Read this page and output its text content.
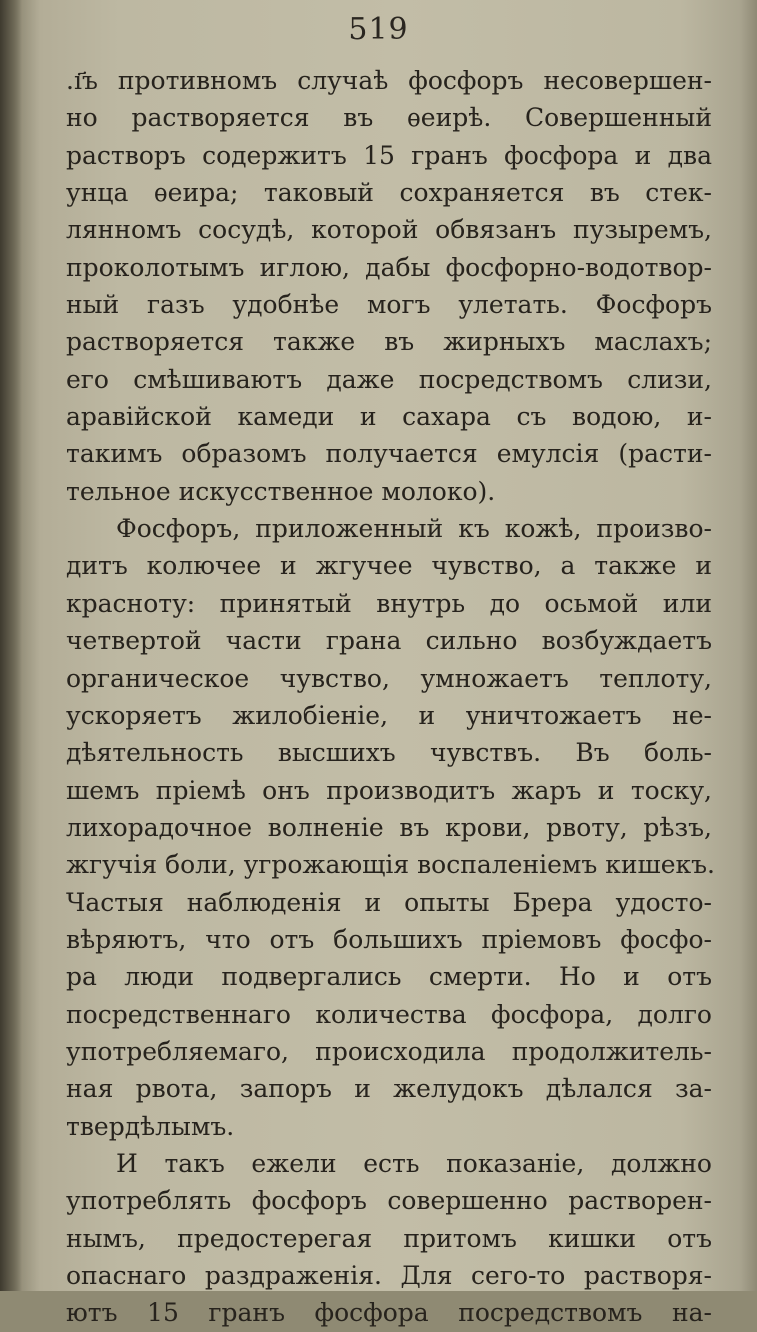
519
.ı҃ъ противномъ случаѣ фосфоръ несовершен-
но растворяется въ ѳеирѣ. Совершенный
растворъ содержитъ 15 гранъ фосфора и два
унца ѳеира; таковый сохраняется въ стек-
лянномъ сосудѣ, которой обвязанъ пузыремъ,
проколотымъ иглою, дабы фосфорно-водотвор-
ный газъ удобнѣе могъ улетать. Фосфоръ
растворяется также въ жирныхъ маслахъ;
его смѣшиваютъ даже посредствомъ слизи,
аравійской камеди и сахара съ водою, и-
такимъ образомъ получается емулсія (расти-
тельное искусственное молоко).
Фосфоръ, приложенный къ кожѣ, произво-
дитъ колючее и жгучее чувство, а также и
красноту: принятый внутрь до осьмой или
четвертой части грана сильно возбуждаетъ
органическое чувство, умножаетъ теплоту,
ускоряетъ жилобіеніе, и уничтожаетъ не-
дѣятельность высшихъ чувствъ. Въ боль-
шемъ пріемѣ онъ производитъ жаръ и тоску,
лихорадочное волненіе въ крови, рвоту, рѣзъ,
жгучія боли, угрожающія воспаленіемъ кишекъ.
Частыя наблюденія и опыты Брера удосто-
вѣряютъ, что отъ большихъ пріемовъ фосфо-
ра люди подвергались смерти. Но и отъ
посредственнаго количества фосфора, долго
употребляемаго, происходила продолжитель-
ная рвота, запоръ и желудокъ дѣлался за-
твердѣлымъ.
И такъ ежели есть показаніе, должно
употреблять фосфоръ совершенно растворен-
нымъ, предостерегая притомъ кишки отъ
опаснаго раздраженія. Для сего-то растворя-
ютъ 15 гранъ фосфора посредствомъ на-
